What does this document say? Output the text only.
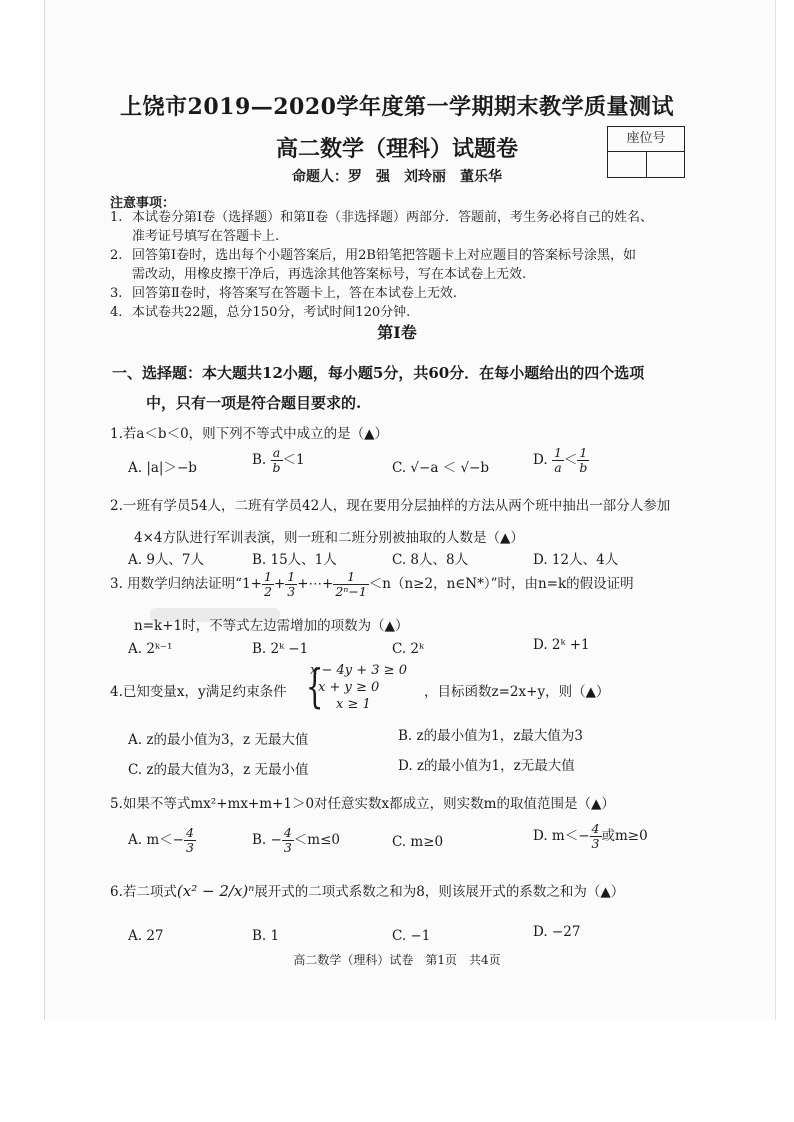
上饶市2019—2020学年度第一学期期末教学质量测试
高二数学（理科）试题卷
命题人：罗　强　刘玲丽　董乐华
座位号
注意事项：
1. 本试卷分第Ⅰ卷（选择题）和第Ⅱ卷（非选择题）两部分．答题前，考生务必将自己的姓名、
准考证号填写在答题卡上.
2. 回答第Ⅰ卷时，选出每个小题答案后，用2B铅笔把答题卡上对应题目的答案标号涂黑，如
需改动，用橡皮擦干净后，再选涂其他答案标号，写在本试卷上无效.
3. 回答第Ⅱ卷时，将答案写在答题卡上，答在本试卷上无效.
4. 本试卷共22题，总分150分，考试时间120分钟.
第Ⅰ卷
一、选择题：本大题共12小题，每小题5分，共60分．在每小题给出的四个选项
中，只有一项是符合题目要求的.
1.若a＜b＜0，则下列不等式中成立的是（▲）
A. |a|＞−b	B. $\frac{a}{b} <1$	C. √−a ＜ √−b	D. $\frac{1}{a} < \frac{1}{b}$
2.一班有学员54人，二班有学员42人，现在要用分层抽样的方法从两个班中抽出一部分人参加
4×4方队进行军训表演，则一班和二班分别被抽取的人数是（▲）
A. 9人、7人	B. 15人、1人	C. 8人、8人	D. 12人、4人
3. 用数学归纳法证明“$1+ \frac{1}{2} + \frac{1}{3}$ +⋯+ $\frac{1}{\text{2ⁿ−1}} <n(n\ge 2$，n∈N*）”时，由n=k的假设证明
n=k+1时，不等式左边需增加的项数为（▲）
A. 2ᵏ⁻¹	B. 2ᵏ −1	C. 2ᵏ	D. 2ᵏ +1
4.已知变量x，y满足约束条件 {
x − 4y + 3 ≥ 0
x + y ≥ 0
x ≥ 1
，目标函数z=2x+y，则（▲）
A. z的最小值为3，z 无最大值	B. z的最小值为1，z最大值为3
C. z的最大值为3，z 无最小值	D. z的最小值为1，z无最大值
5.如果不等式mx²+mx+m+1＞0对任意实数x都成立，则实数m的取值范围是（▲）
A. $m<- \frac{4}{3}$	B. − $\frac{4}{3} <m\le 0$	C. m≥0	D. $m<- \frac{4}{3}$ 或m≥0
6.若二项式(x² − 2/x)ⁿ展开式的二项式系数之和为8，则该展开式的系数之和为（▲）
A. 27	B. 1	C. −1	D. −27
高二数学（理科）试卷　第1页　共4页
